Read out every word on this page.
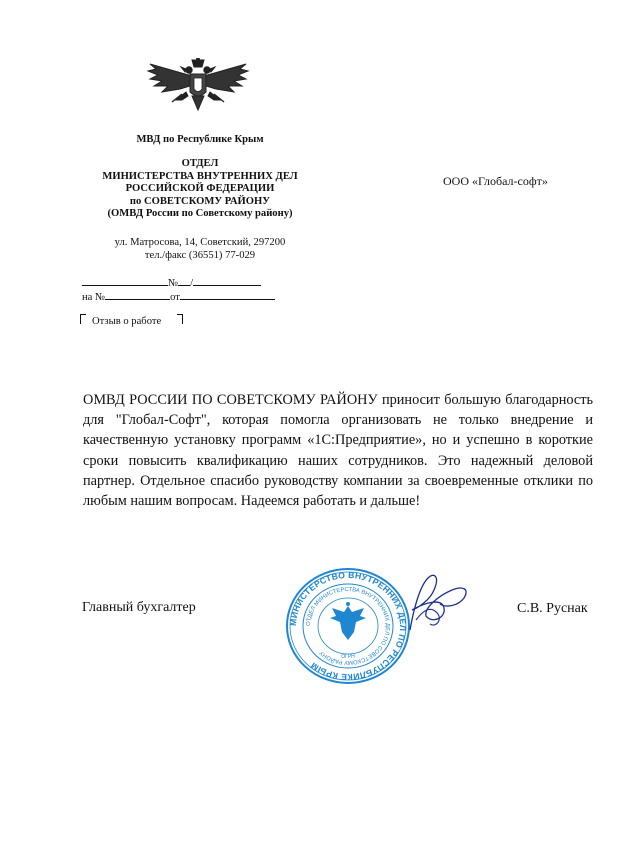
МВД по Республике Крым
ОТДЕЛ
МИНИСТЕРСТВА ВНУТРЕННИХ ДЕЛ
РОССИЙСКОЙ ФЕДЕРАЦИИ
по СОВЕТСКОМУ РАЙОНУ
(ОМВД России по Советскому району)
ул. Матросова, 14, Советский, 297200
тел./факс (36551) 77-029
ООО «Глобал-софт»
№ /
на №	от
Отзыв о работе
ОМВД РОССИИ ПО СОВЕТСКОМУ РАЙОНУ приносит большую благодарность для "Глобал-Софт", которая помогла организовать не только внедрение и качественную установку программ «1С:Предприятие», но и успешно в короткие сроки повысить квалификацию наших сотрудников. Это надежный деловой партнер. Отдельное спасибо руководству компании за своевременные отклики по любым нашим вопросам. Надеемся работать и дальше!
Главный бухгалтер	С.В. Руснак
МИНИСТЕРСТВО ВНУТРЕННИХ ДЕЛ ПО РЕСПУБЛИКЕ КРЫМ
ОТДЕЛ МИНИСТЕРСТВА ВНУТРЕННИХ ДЕЛ ПО СОВЕТСКОМУ РАЙОНУ
ОГРН
